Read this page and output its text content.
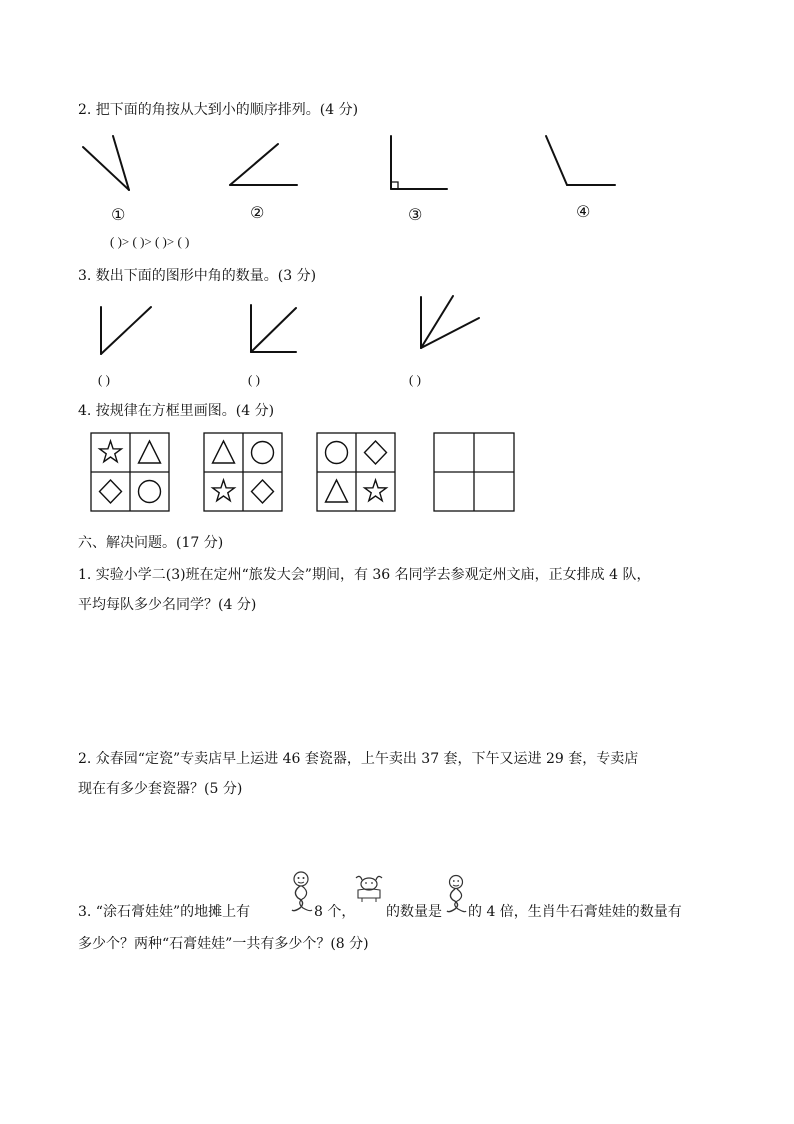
2. 把下面的角按从大到小的顺序排列。(4 分)
①	②	③	④
( )> ( )> ( )> ( )
3. 数出下面的图形中角的数量。(3 分)
( )	( )	( )
4. 按规律在方框里画图。(4 分)
六、解决问题。(17 分)
1. 实验小学二(3)班在定州“旅发大会”期间，有 36 名同学去参观定州文庙，正女排成 4 队，
平均每队多少名同学？(4 分)
2. 众春园“定瓷”专卖店早上运进 46 套瓷器，上午卖出 37 套，下午又运进 29 套，专卖店
现在有多少套瓷器？(5 分)
3. “涂石膏娃娃”的地摊上有	8 个， 的数量是 的 4 倍，生肖牛石膏娃娃的数量有
多少个？两种“石膏娃娃”一共有多少个？(8 分)
